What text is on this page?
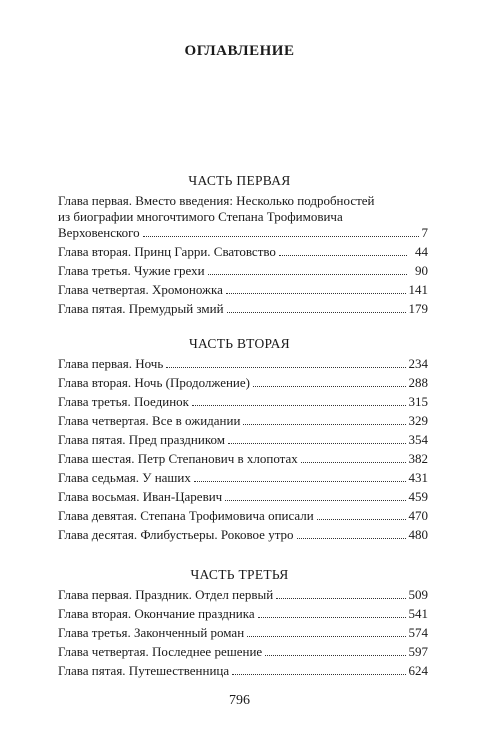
ОГЛАВЛЕНИЕ
ЧАСТЬ ПЕРВАЯ
Глава первая. Вместо введения: Несколько подробностей
из биографии многочтимого Степана Трофимовича
Верховенского	7
Глава вторая. Принц Гарри. Сватовство	44
Глава третья. Чужие грехи	90
Глава четвертая. Хромоножка	141
Глава пятая. Премудрый змий	179
ЧАСТЬ ВТОРАЯ
Глава первая. Ночь	234
Глава вторая. Ночь (Продолжение)	288
Глава третья. Поединок	315
Глава четвертая. Все в ожидании	329
Глава пятая. Пред праздником	354
Глава шестая. Петр Степанович в хлопотах	382
Глава седьмая. У наших	431
Глава восьмая. Иван-Царевич	459
Глава девятая. Степана Трофимовича описали	470
Глава десятая. Флибустьеры. Роковое утро	480
ЧАСТЬ ТРЕТЬЯ
Глава первая. Праздник. Отдел первый	509
Глава вторая. Окончание праздника	541
Глава третья. Законченный роман	574
Глава четвертая. Последнее решение	597
Глава пятая. Путешественница	624
796
